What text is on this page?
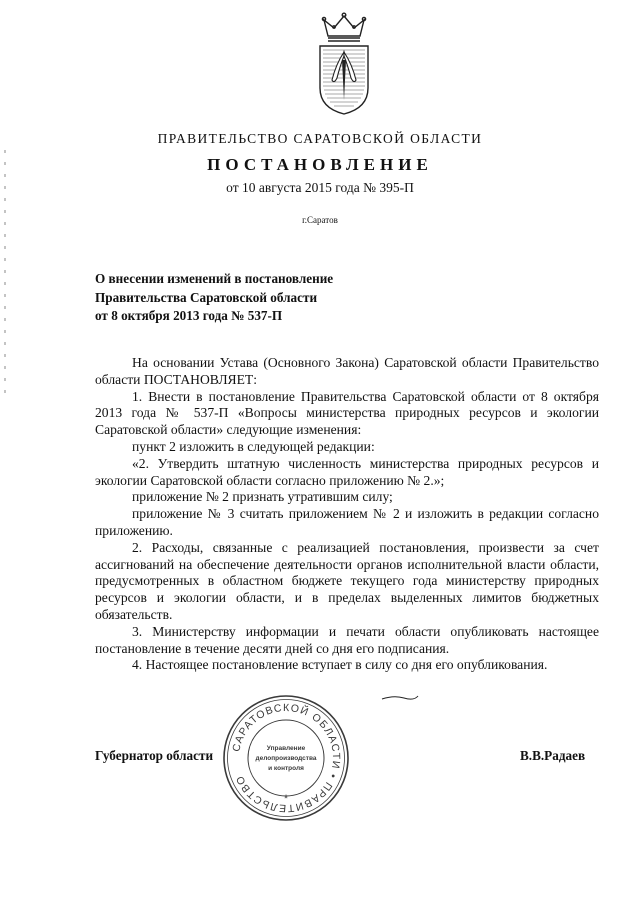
ПРАВИТЕЛЬСТВО САРАТОВСКОЙ ОБЛАСТИ
ПОСТАНОВЛЕНИЕ
от 10 августа 2015 года № 395-П
г.Саратов
О внесении изменений в постановление
Правительства Саратовской области
от 8 октября 2013 года № 537-П

На основании Устава (Основного Закона) Саратовской области Правительство области ПОСТАНОВЛЯЕТ:

1. Внести в постановление Правительства Саратовской области от 8 октября 2013 года № 537-П «Вопросы министерства природных ресурсов и экологии Саратовской области» следующие изменения:

пункт 2 изложить в следующей редакции:

«2. Утвердить штатную численность министерства природных ресурсов и экологии Саратовской области согласно приложению № 2.»;

приложение № 2 признать утратившим силу;

приложение № 3 считать приложением № 2 и изложить в редакции согласно приложению.

2. Расходы, связанные с реализацией постановления, произвести за счет ассигнований на обеспечение деятельности органов исполнительной власти области, предусмотренных в областном бюджете текущего года министерству природных ресурсов и экологии области, и в пределах выделенных лимитов бюджетных обязательств.

3. Министерству информации и печати области опубликовать настоящее постановление в течение десяти дней со дня его подписания.

4. Настоящее постановление вступает в силу со дня его опубликования.

Губернатор области	В.В.Радаев
САРАТОВСКОЙ ОБЛАСТИ • ПРАВИТЕЛЬСТВО
Управление
делопроизводства
и контроля
*
